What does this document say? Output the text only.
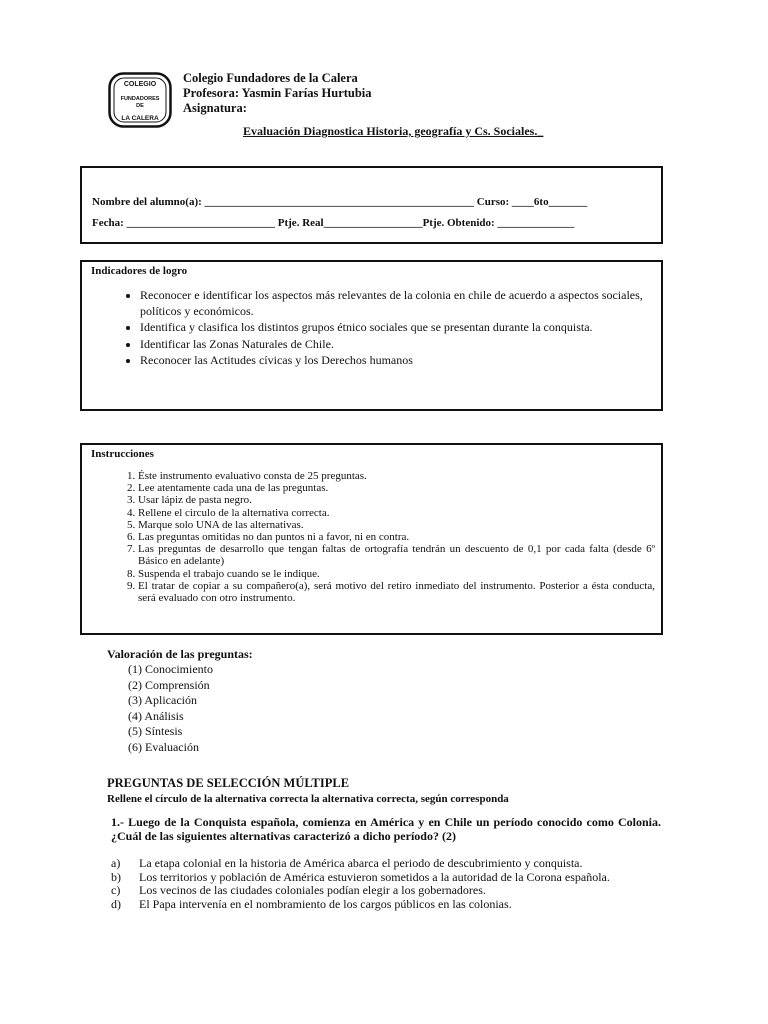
COLEGIO
FUNDADORES
DE
LA CALERA
Colegio Fundadores de la Calera
Profesora: Yasmin Farías Hurtubia
Asignatura:
Evaluación Diagnostica Historia, geografía y Cs. Sociales._
Nombre del alumno(a): _________________________________________________ Curso: ____6to_______
Fecha: ___________________________ Ptje. Real__________________Ptje. Obtenido: ______________
Indicadores de logro
• Reconocer e identificar los aspectos más relevantes de la colonia en chile de acuerdo a aspectos sociales, políticos y económicos.
• Identifica y clasifica los distintos grupos étnico sociales que se presentan durante la conquista.
• Identificar las Zonas Naturales de Chile.
• Reconocer las Actitudes cívicas y los Derechos humanos
Instrucciones
1. Éste instrumento evaluativo consta de 25 preguntas.
2. Lee atentamente cada una de las preguntas.
3. Usar lápiz de pasta negro.
4. Rellene el circulo de la alternativa correcta.
5. Marque solo UNA de las alternativas.
6. Las preguntas omitidas no dan puntos ni a favor, ni en contra.
7. Las preguntas de desarrollo que tengan faltas de ortografía tendrán un descuento de 0,1 por cada falta (desde 6º Básico en adelante)
8. Suspenda el trabajo cuando se le indique.
9. El tratar de copiar a su compañero(a), será motivo del retiro inmediato del instrumento. Posterior a ésta conducta, será evaluado con otro instrumento.
Valoración de las preguntas:
(1) Conocimiento
(2) Comprensión
(3) Aplicación
(4) Análisis
(5) Síntesis
(6) Evaluación
PREGUNTAS DE SELECCIÓN MÚLTIPLE
Rellene el círculo de la alternativa correcta la alternativa correcta, según corresponda
1.- Luego de la Conquista española, comienza en América y en Chile un período conocido como Colonia. ¿Cuál de las siguientes alternativas caracterizó a dicho período? (2)
a) La etapa colonial en la historia de América abarca el periodo de descubrimiento y conquista.
b) Los territorios y población de América estuvieron sometidos a la autoridad de la Corona española.
c) Los vecinos de las ciudades coloniales podían elegir a los gobernadores.
d) El Papa intervenía en el nombramiento de los cargos públicos en las colonias.
